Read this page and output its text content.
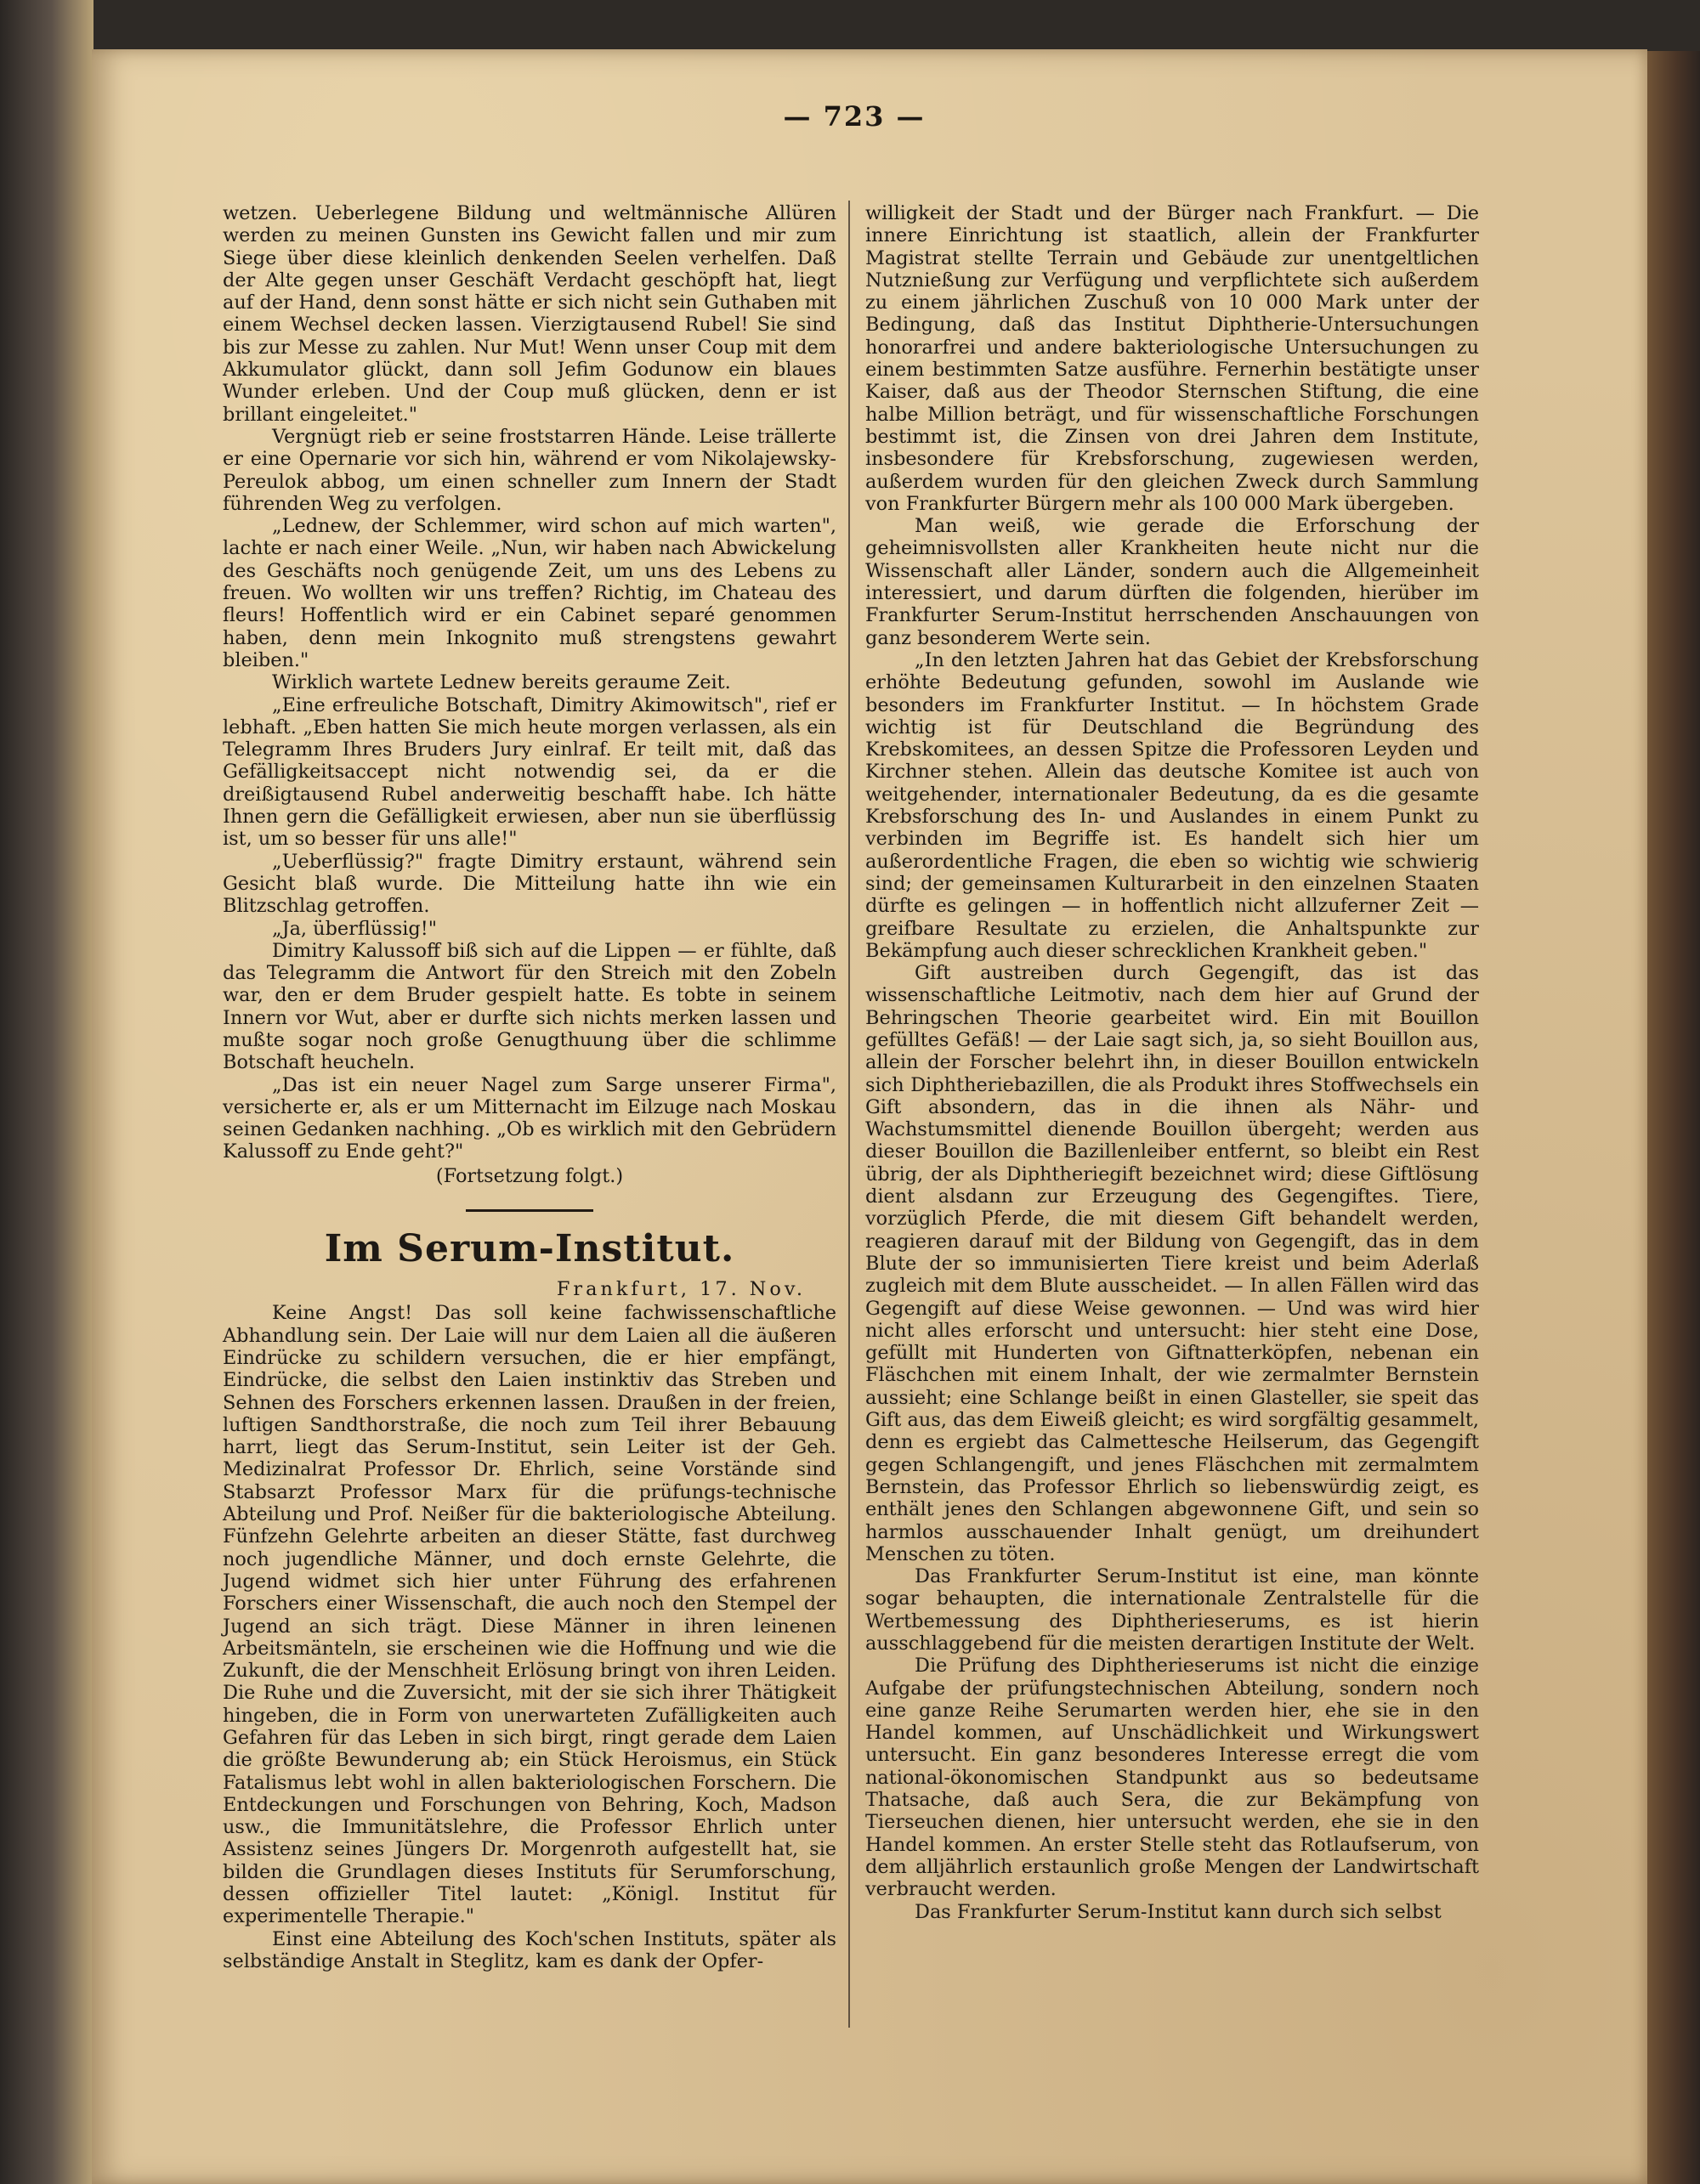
— 723 —

wetzen. Ueberlegene Bildung und weltmännische Allüren werden zu meinen Gunsten ins Gewicht fallen und mir zum Siege über diese kleinlich denkenden Seelen verhelfen. Daß der Alte gegen unser Geschäft Verdacht geschöpft hat, liegt auf der Hand, denn sonst hätte er sich nicht sein Guthaben mit einem Wechsel decken lassen. Vierzigtausend Rubel! Sie sind bis zur Messe zu zahlen. Nur Mut! Wenn unser Coup mit dem Akkumulator glückt, dann soll Jefim Godunow ein blaues Wunder erleben. Und der Coup muß glücken, denn er ist brillant eingeleitet."

Vergnügt rieb er seine froststarren Hände. Leise trällerte er eine Opernarie vor sich hin, während er vom Nikolajewsky-Pereulok abbog, um einen schneller zum Innern der Stadt führenden Weg zu verfolgen.

„Lednew, der Schlemmer, wird schon auf mich warten", lachte er nach einer Weile. „Nun, wir haben nach Abwickelung des Geschäfts noch genügende Zeit, um uns des Lebens zu freuen. Wo wollten wir uns treffen? Richtig, im Chateau des fleurs! Hoffentlich wird er ein Cabinet separé genommen haben, denn mein Inkognito muß strengstens gewahrt bleiben."

Wirklich wartete Lednew bereits geraume Zeit.

„Eine erfreuliche Botschaft, Dimitry Akimowitsch", rief er lebhaft. „Eben hatten Sie mich heute morgen verlassen, als ein Telegramm Ihres Bruders Jury einlraf. Er teilt mit, daß das Gefälligkeitsaccept nicht notwendig sei, da er die dreißigtausend Rubel anderweitig beschafft habe. Ich hätte Ihnen gern die Gefälligkeit erwiesen, aber nun sie überflüssig ist, um so besser für uns alle!"

„Ueberflüssig?" fragte Dimitry erstaunt, während sein Gesicht blaß wurde. Die Mitteilung hatte ihn wie ein Blitzschlag getroffen.

„Ja, überflüssig!"

Dimitry Kalussoff biß sich auf die Lippen — er fühlte, daß das Telegramm die Antwort für den Streich mit den Zobeln war, den er dem Bruder gespielt hatte. Es tobte in seinem Innern vor Wut, aber er durfte sich nichts merken lassen und mußte sogar noch große Genugthuung über die schlimme Botschaft heucheln.

„Das ist ein neuer Nagel zum Sarge unserer Firma", versicherte er, als er um Mitternacht im Eilzuge nach Moskau seinen Gedanken nachhing. „Ob es wirklich mit den Gebrüdern Kalussoff zu Ende geht?"

(Fortsetzung folgt.)

Im Serum-Institut.
Frankfurt, 17. Nov.

Keine Angst! Das soll keine fachwissenschaftliche Abhandlung sein. Der Laie will nur dem Laien all die äußeren Eindrücke zu schildern versuchen, die er hier empfängt, Eindrücke, die selbst den Laien instinktiv das Streben und Sehnen des Forschers erkennen lassen. Draußen in der freien, luftigen Sandthorstraße, die noch zum Teil ihrer Bebauung harrt, liegt das Serum-Institut, sein Leiter ist der Geh. Medizinalrat Professor Dr. Ehrlich, seine Vorstände sind Stabsarzt Professor Marx für die prüfungs-technische Abteilung und Prof. Neißer für die bakteriologische Abteilung. Fünfzehn Gelehrte arbeiten an dieser Stätte, fast durchweg noch jugendliche Männer, und doch ernste Gelehrte, die Jugend widmet sich hier unter Führung des erfahrenen Forschers einer Wissenschaft, die auch noch den Stempel der Jugend an sich trägt. Diese Männer in ihren leinenen Arbeitsmänteln, sie erscheinen wie die Hoffnung und wie die Zukunft, die der Menschheit Erlösung bringt von ihren Leiden. Die Ruhe und die Zuversicht, mit der sie sich ihrer Thätigkeit hingeben, die in Form von unerwarteten Zufälligkeiten auch Gefahren für das Leben in sich birgt, ringt gerade dem Laien die größte Bewunderung ab; ein Stück Heroismus, ein Stück Fatalismus lebt wohl in allen bakteriologischen Forschern. Die Entdeckungen und Forschungen von Behring, Koch, Madson usw., die Immunitätslehre, die Professor Ehrlich unter Assistenz seines Jüngers Dr. Morgenroth aufgestellt hat, sie bilden die Grundlagen dieses Instituts für Serumforschung, dessen offizieller Titel lautet: „Königl. Institut für experimentelle Therapie."

Einst eine Abteilung des Koch'schen Instituts, später als selbständige Anstalt in Steglitz, kam es dank der Opfer-

willigkeit der Stadt und der Bürger nach Frankfurt. — Die innere Einrichtung ist staatlich, allein der Frankfurter Magistrat stellte Terrain und Gebäude zur unentgeltlichen Nutznießung zur Verfügung und verpflichtete sich außerdem zu einem jährlichen Zuschuß von 10 000 Mark unter der Bedingung, daß das Institut Diphtherie-Untersuchungen honorarfrei und andere bakteriologische Untersuchungen zu einem bestimmten Satze ausführe. Fernerhin bestätigte unser Kaiser, daß aus der Theodor Sternschen Stiftung, die eine halbe Million beträgt, und für wissenschaftliche Forschungen bestimmt ist, die Zinsen von drei Jahren dem Institute, insbesondere für Krebsforschung, zugewiesen werden, außerdem wurden für den gleichen Zweck durch Sammlung von Frankfurter Bürgern mehr als 100 000 Mark übergeben.

Man weiß, wie gerade die Erforschung der geheimnisvollsten aller Krankheiten heute nicht nur die Wissenschaft aller Länder, sondern auch die Allgemeinheit interessiert, und darum dürften die folgenden, hierüber im Frankfurter Serum-Institut herrschenden Anschauungen von ganz besonderem Werte sein.

„In den letzten Jahren hat das Gebiet der Krebsforschung erhöhte Bedeutung gefunden, sowohl im Auslande wie besonders im Frankfurter Institut. — In höchstem Grade wichtig ist für Deutschland die Begründung des Krebskomitees, an dessen Spitze die Professoren Leyden und Kirchner stehen. Allein das deutsche Komitee ist auch von weitgehender, internationaler Bedeutung, da es die gesamte Krebsforschung des In- und Auslandes in einem Punkt zu verbinden im Begriffe ist. Es handelt sich hier um außerordentliche Fragen, die eben so wichtig wie schwierig sind; der gemeinsamen Kulturarbeit in den einzelnen Staaten dürfte es gelingen — in hoffentlich nicht allzuferner Zeit — greifbare Resultate zu erzielen, die Anhaltspunkte zur Bekämpfung auch dieser schrecklichen Krankheit geben."

Gift austreiben durch Gegengift, das ist das wissenschaftliche Leitmotiv, nach dem hier auf Grund der Behringschen Theorie gearbeitet wird. Ein mit Bouillon gefülltes Gefäß! — der Laie sagt sich, ja, so sieht Bouillon aus, allein der Forscher belehrt ihn, in dieser Bouillon entwickeln sich Diphtheriebazillen, die als Produkt ihres Stoffwechsels ein Gift absondern, das in die ihnen als Nähr- und Wachstumsmittel dienende Bouillon übergeht; werden aus dieser Bouillon die Bazillenleiber entfernt, so bleibt ein Rest übrig, der als Diphtheriegift bezeichnet wird; diese Giftlösung dient alsdann zur Erzeugung des Gegengiftes. Tiere, vorzüglich Pferde, die mit diesem Gift behandelt werden, reagieren darauf mit der Bildung von Gegengift, das in dem Blute der so immunisierten Tiere kreist und beim Aderlaß zugleich mit dem Blute ausscheidet. — In allen Fällen wird das Gegengift auf diese Weise gewonnen. — Und was wird hier nicht alles erforscht und untersucht: hier steht eine Dose, gefüllt mit Hunderten von Giftnatterköpfen, nebenan ein Fläschchen mit einem Inhalt, der wie zermalmter Bernstein aussieht; eine Schlange beißt in einen Glasteller, sie speit das Gift aus, das dem Eiweiß gleicht; es wird sorgfältig gesammelt, denn es ergiebt das Calmettesche Heilserum, das Gegengift gegen Schlangengift, und jenes Fläschchen mit zermalmtem Bernstein, das Professor Ehrlich so liebenswürdig zeigt, es enthält jenes den Schlangen abgewonnene Gift, und sein so harmlos ausschauender Inhalt genügt, um dreihundert Menschen zu töten.

Das Frankfurter Serum-Institut ist eine, man könnte sogar behaupten, die internationale Zentralstelle für die Wertbemessung des Diphtherieserums, es ist hierin ausschlaggebend für die meisten derartigen Institute der Welt.

Die Prüfung des Diphtherieserums ist nicht die einzige Aufgabe der prüfungstechnischen Abteilung, sondern noch eine ganze Reihe Serumarten werden hier, ehe sie in den Handel kommen, auf Unschädlichkeit und Wirkungswert untersucht. Ein ganz besonderes Interesse erregt die vom national-ökonomischen Standpunkt aus so bedeutsame Thatsache, daß auch Sera, die zur Bekämpfung von Tierseuchen dienen, hier untersucht werden, ehe sie in den Handel kommen. An erster Stelle steht das Rotlaufserum, von dem alljährlich erstaunlich große Mengen der Landwirtschaft verbraucht werden.

Das Frankfurter Serum-Institut kann durch sich selbst
